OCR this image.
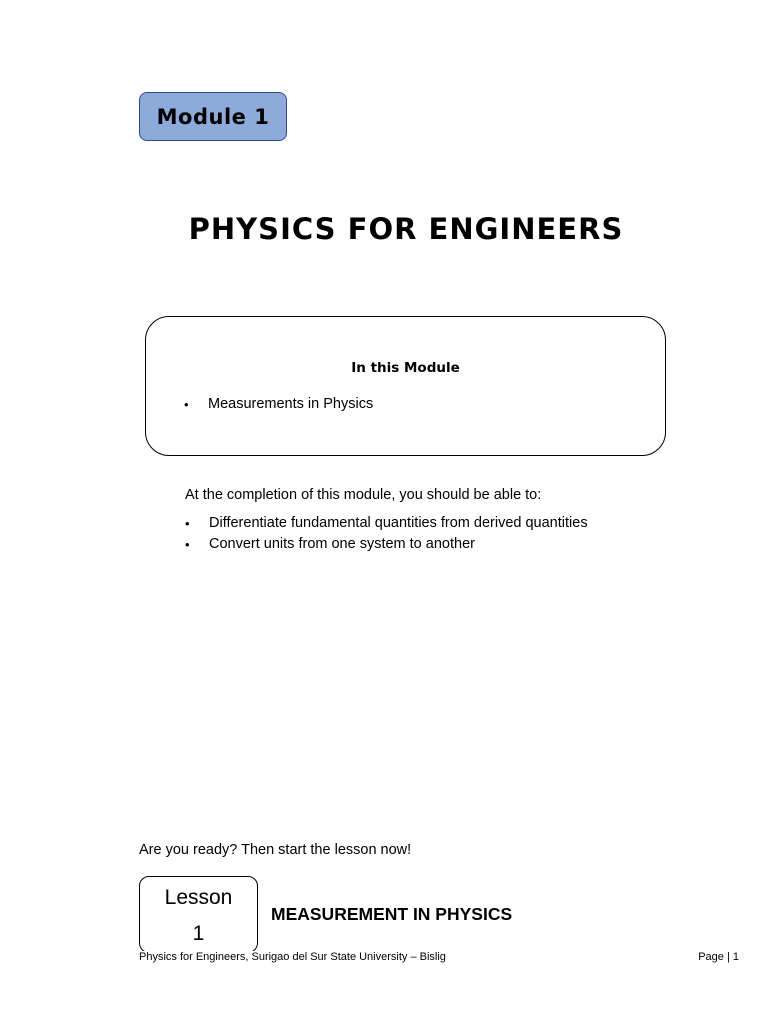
Module 1
PHYSICS FOR ENGINEERS
In this Module
• Measurements in Physics
At the completion of this module, you should be able to:
• Differentiate fundamental quantities from derived quantities
• Convert units from one system to another
Are you ready? Then start the lesson now!
Lesson
1
MEASUREMENT IN PHYSICS
Physics for Engineers, Surigao del Sur State University – Bislig	Page | 1
